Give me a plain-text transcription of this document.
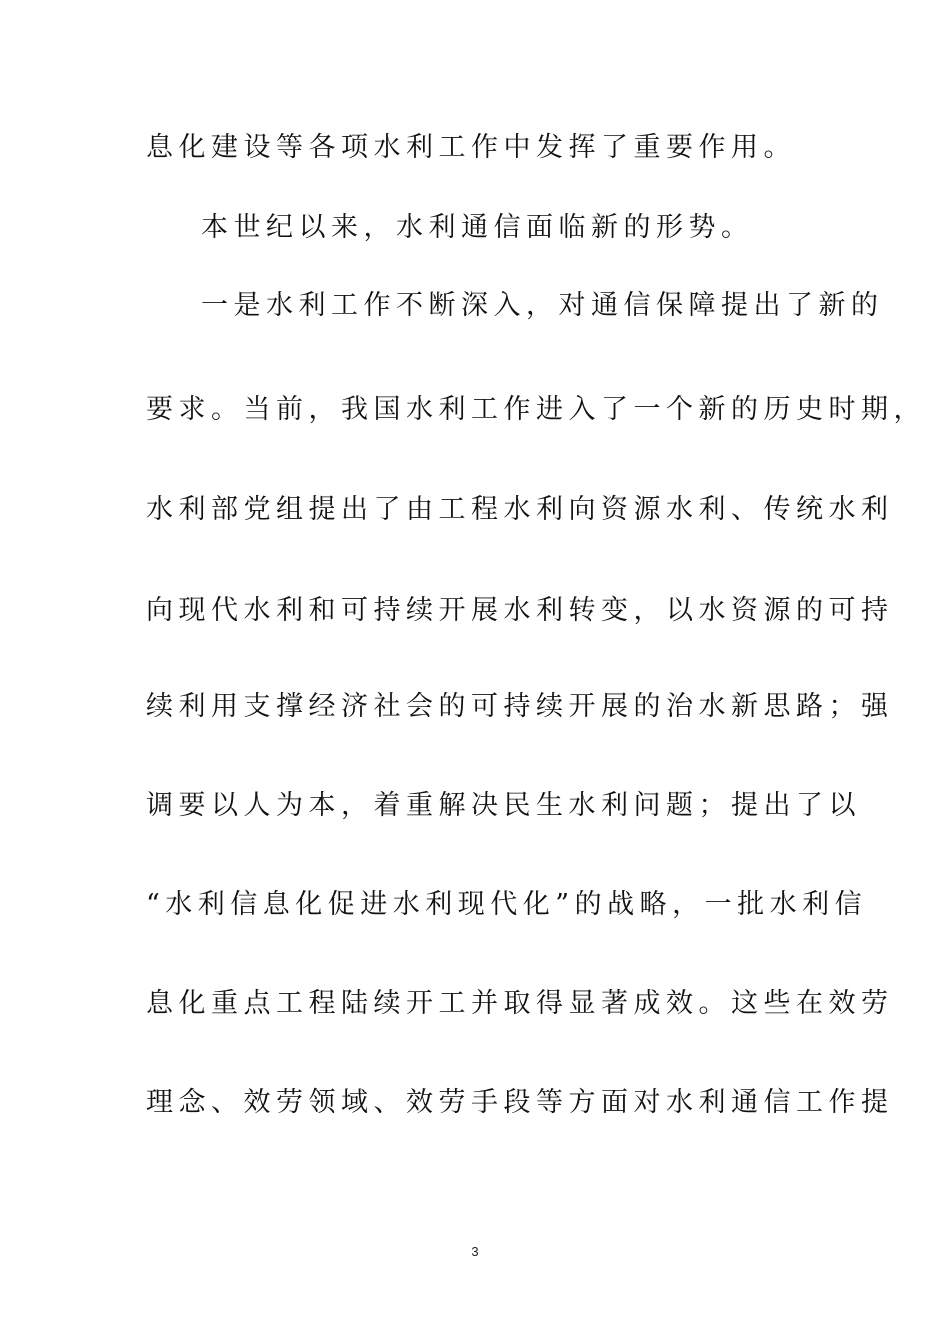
息化建设等各项水利工作中发挥了重要作用。
本世纪以来，水利通信面临新的形势。
一是水利工作不断深入，对通信保障提出了新的
要求。当前，我国水利工作进入了一个新的历史时期，
水利部党组提出了由工程水利向资源水利、传统水利
向现代水利和可持续开展水利转变，以水资源的可持
续利用支撑经济社会的可持续开展的治水新思路；强
调要以人为本，着重解决民生水利问题；提出了以
“水利信息化促进水利现代化”的战略，一批水利信
息化重点工程陆续开工并取得显著成效。这些在效劳
理念、效劳领域、效劳手段等方面对水利通信工作提
3
